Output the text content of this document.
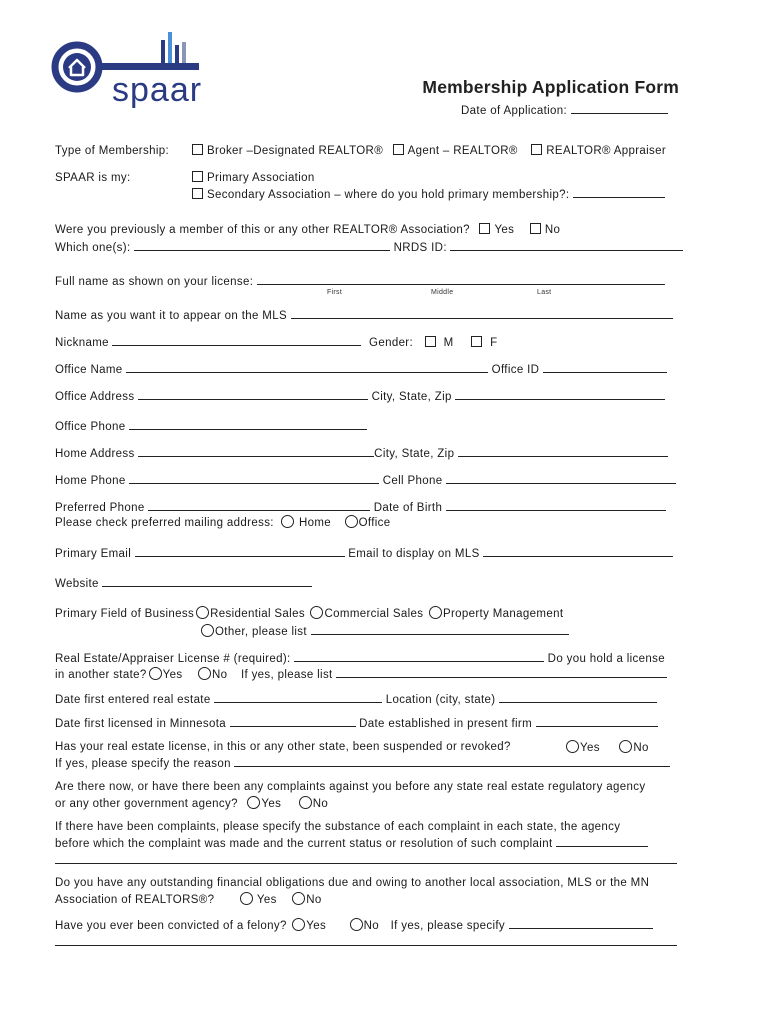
spaar	Membership Application Form
Date of Application:
Type of Membership:	Broker –Designated REALTOR® Agent – REALTOR® REALTOR® Appraiser
SPAAR is my:	Primary Association
Secondary Association – where do you hold primary membership?:
Were you previously a member of this or any other REALTOR® Association? Yes	No
Which one(s):	NRDS ID:
Full name as shown on your license:
First	Middle	Last
Name as you want it to appear on the MLS
Nickname	Gender:	M	F
Office Name	Office ID
Office Address	City, State, Zip
Office Phone
Home Address	City, State, Zip
Home Phone	Cell Phone
Preferred Phone	Date of Birth
Please check preferred mailing address: Home Office
Primary Email	Email to display on MLS
Website
Primary Field of Business Residential Sales Commercial Sales Property Management
Other, please list
Real Estate/Appraiser License # (required):	Do you hold a license
in another state? Yes	No If yes, please list
Date first entered real estate	Location (city, state)
Date first licensed in Minnesota	Date established in present firm
Has your real estate license, in this or any other state, been suspended or revoked?	Yes	No
If yes, please specify the reason
Are there now, or have there been any complaints against you before any state real estate regulatory agency
or any other government agency? Yes	No
If there have been complaints, please specify the substance of each complaint in each state, the agency
before which the complaint was made and the current status or resolution of such complaint
Do you have any outstanding financial obligations due and owing to another local association, MLS or the MN
Association of REALTORS®?	Yes	No
Have you ever been convicted of a felony? Yes	No If yes, please specify
